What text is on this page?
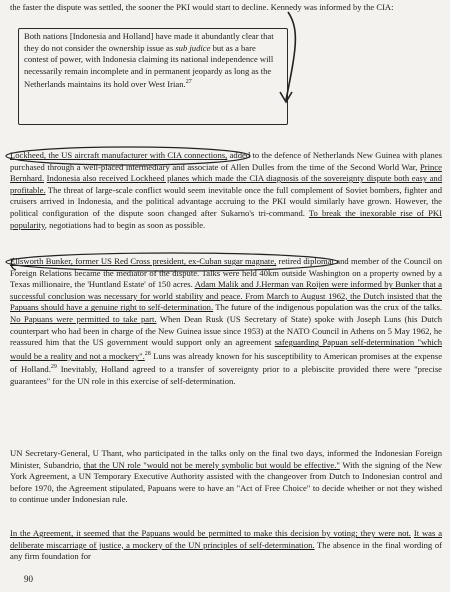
the faster the dispute was settled, the sooner the PKI would start to decline. Kennedy was informed by the CIA:

Both nations [Indonesia and Holland] have made it abundantly clear that they do not consider the ownership issue as sub judice but as a bare contest of power, with Indonesia claiming its national independence will necessarily remain incomplete and in permanent jeopardy as long as the Netherlands maintains its hold over West Irian.$^{27}$

Lockheed, the US aircraft manufacturer with CIA connections, added to the defence of Netherlands New Guinea with planes purchased through a well-placed intermediary and associate of Allen Dulles from the time of the Second World War, Prince Bernhard. Indonesia also received Lockheed planes which made the CIA diagnosis of the sovereignty dispute both easy and profitable. The threat of large-scale conflict would seem inevitable once the full complement of Soviet bombers, fighter and cruisers arrived in Indonesia, and the political advantage accruing to the PKI would similarly have grown. However, the political configuration of the dispute soon changed after Sukarno's tri-command. To break the inexorable rise of PKI popularity, negotiations had to begin as soon as possible.

Ellsworth Bunker, former US Red Cross president, ex-Cuban sugar magnate, retired diplomat and member of the Council on Foreign Relations became the mediator of the dispute. Talks were held 40km outside Washington on a property owned by a Texas millionaire, the 'Huntland Estate' of 150 acres. Adam Malik and J.Herman van Roijen were informed by Bunker that a successful conclusion was necessary for world stability and peace. From March to August 1962, the Dutch insisted that the Papuans should have a genuine right to self-determination. The future of the indigenous population was the crux of the talks. No Papuans were permitted to take part. When Dean Rusk (US Secretary of State) spoke with Joseph Luns (his Dutch counterpart who had been in charge of the New Guinea issue since 1953) at the NATO Council in Athens on 5 May 1962, he reassured him that the US government would support only an agreement safeguarding Papuan self-determination "which would be a reality and not a mockery".$^{28}$ Luns was already known for his susceptibility to American promises at the expense of Holland.$^{29}$ Inevitably, Holland agreed to a transfer of sovereignty prior to a plebiscite provided there were "precise guarantees" for the UN role in this exercise of self-determination.

UN Secretary-General, U Thant, who participated in the talks only on the final two days, informed the Indonesian Foreign Minister, Subandrio, that the UN role "would not be merely symbolic but would be effective." With the signing of the New York Agreement, a UN Temporary Executive Authority assisted with the changeover from Dutch to Indonesian control and before 1970, the Agreement stipulated, Papuans were to have an "Act of Free Choice" to decide whether or not they wished to continue under Indonesian rule.

In the Agreement, it seemed that the Papuans would be permitted to make this decision by voting; they were not. It was a deliberate miscarriage of justice, a mockery of the UN principles of self-determination. The absence in the final wording of any firm foundation for

90
